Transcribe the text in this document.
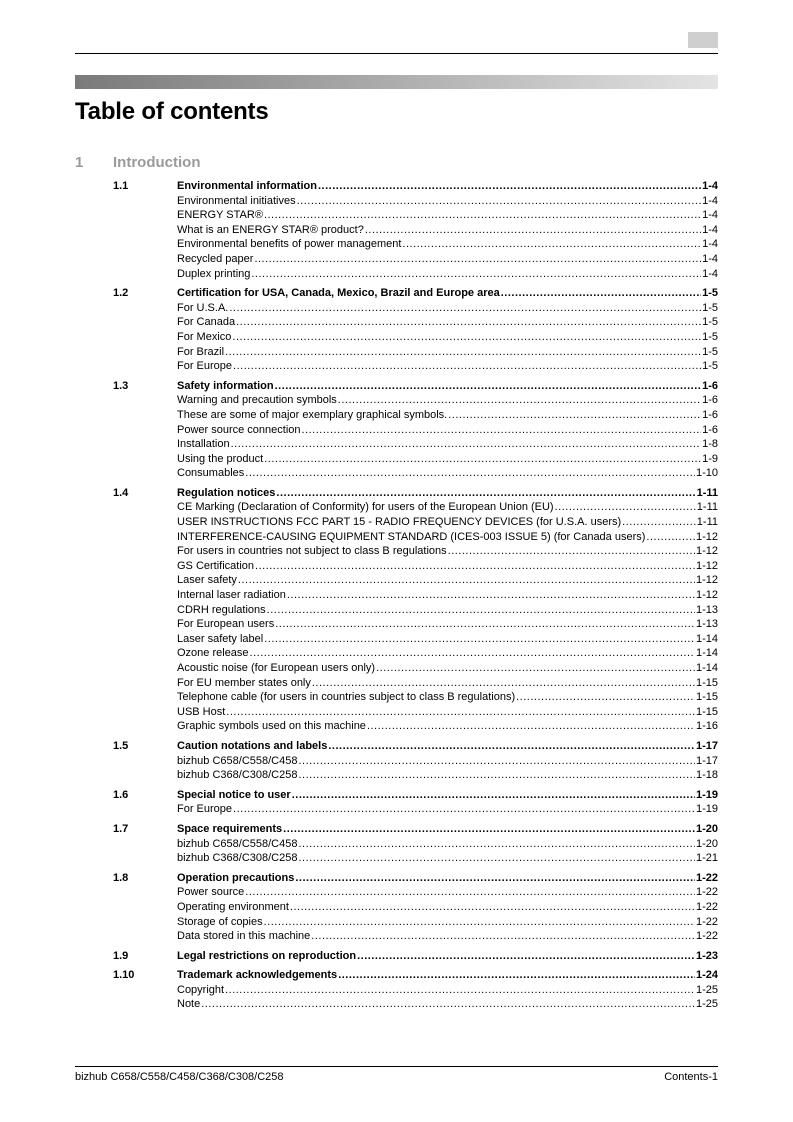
Table of contents
1 Introduction
1.1	Environmental information .....	1-4
Environmental initiatives .....	1-4
ENERGY STAR® .....	1-4
What is an ENERGY STAR® product? .....	1-4
Environmental benefits of power management .....	1-4
Recycled paper .....	1-4
Duplex printing .....	1-4
1.2	Certification for USA, Canada, Mexico, Brazil and Europe area .....	1-5
For U.S.A. .....	1-5
For Canada .....	1-5
For Mexico .....	1-5
For Brazil .....	1-5
For Europe .....	1-5
1.3	Safety information .....	1-6
Warning and precaution symbols .....	1-6
These are some of major exemplary graphical symbols. .....	1-6
Power source connection .....	1-6
Installation .....	1-8
Using the product .....	1-9
Consumables .....	1-10
1.4	Regulation notices .....	1-11
CE Marking (Declaration of Conformity) for users of the European Union (EU) .....	1-11
USER INSTRUCTIONS FCC PART 15 - RADIO FREQUENCY DEVICES (for U.S.A. users) .....	1-11
INTERFERENCE-CAUSING EQUIPMENT STANDARD (ICES-003 ISSUE 5) (for Canada users) .....	1-12
For users in countries not subject to class B regulations .....	1-12
GS Certification .....	1-12
Laser safety .....	1-12
Internal laser radiation .....	1-12
CDRH regulations .....	1-13
For European users .....	1-13
Laser safety label .....	1-14
Ozone release .....	1-14
Acoustic noise (for European users only) .....	1-14
For EU member states only .....	1-15
Telephone cable (for users in countries subject to class B regulations) .....	1-15
USB Host .....	1-15
Graphic symbols used on this machine .....	1-16
1.5	Caution notations and labels .....	1-17
bizhub C658/C558/C458 .....	1-17
bizhub C368/C308/C258 .....	1-18
1.6	Special notice to user .....	1-19
For Europe .....	1-19
1.7	Space requirements .....	1-20
bizhub C658/C558/C458 .....	1-20
bizhub C368/C308/C258 .....	1-21
1.8	Operation precautions .....	1-22
Power source .....	1-22
Operating environment .....	1-22
Storage of copies .....	1-22
Data stored in this machine .....	1-22
1.9	Legal restrictions on reproduction .....	1-23
1.10	Trademark acknowledgements .....	1-24
Copyright .....	1-25
Note .....	1-25
bizhub C658/C558/C458/C368/C308/C258	Contents-1
